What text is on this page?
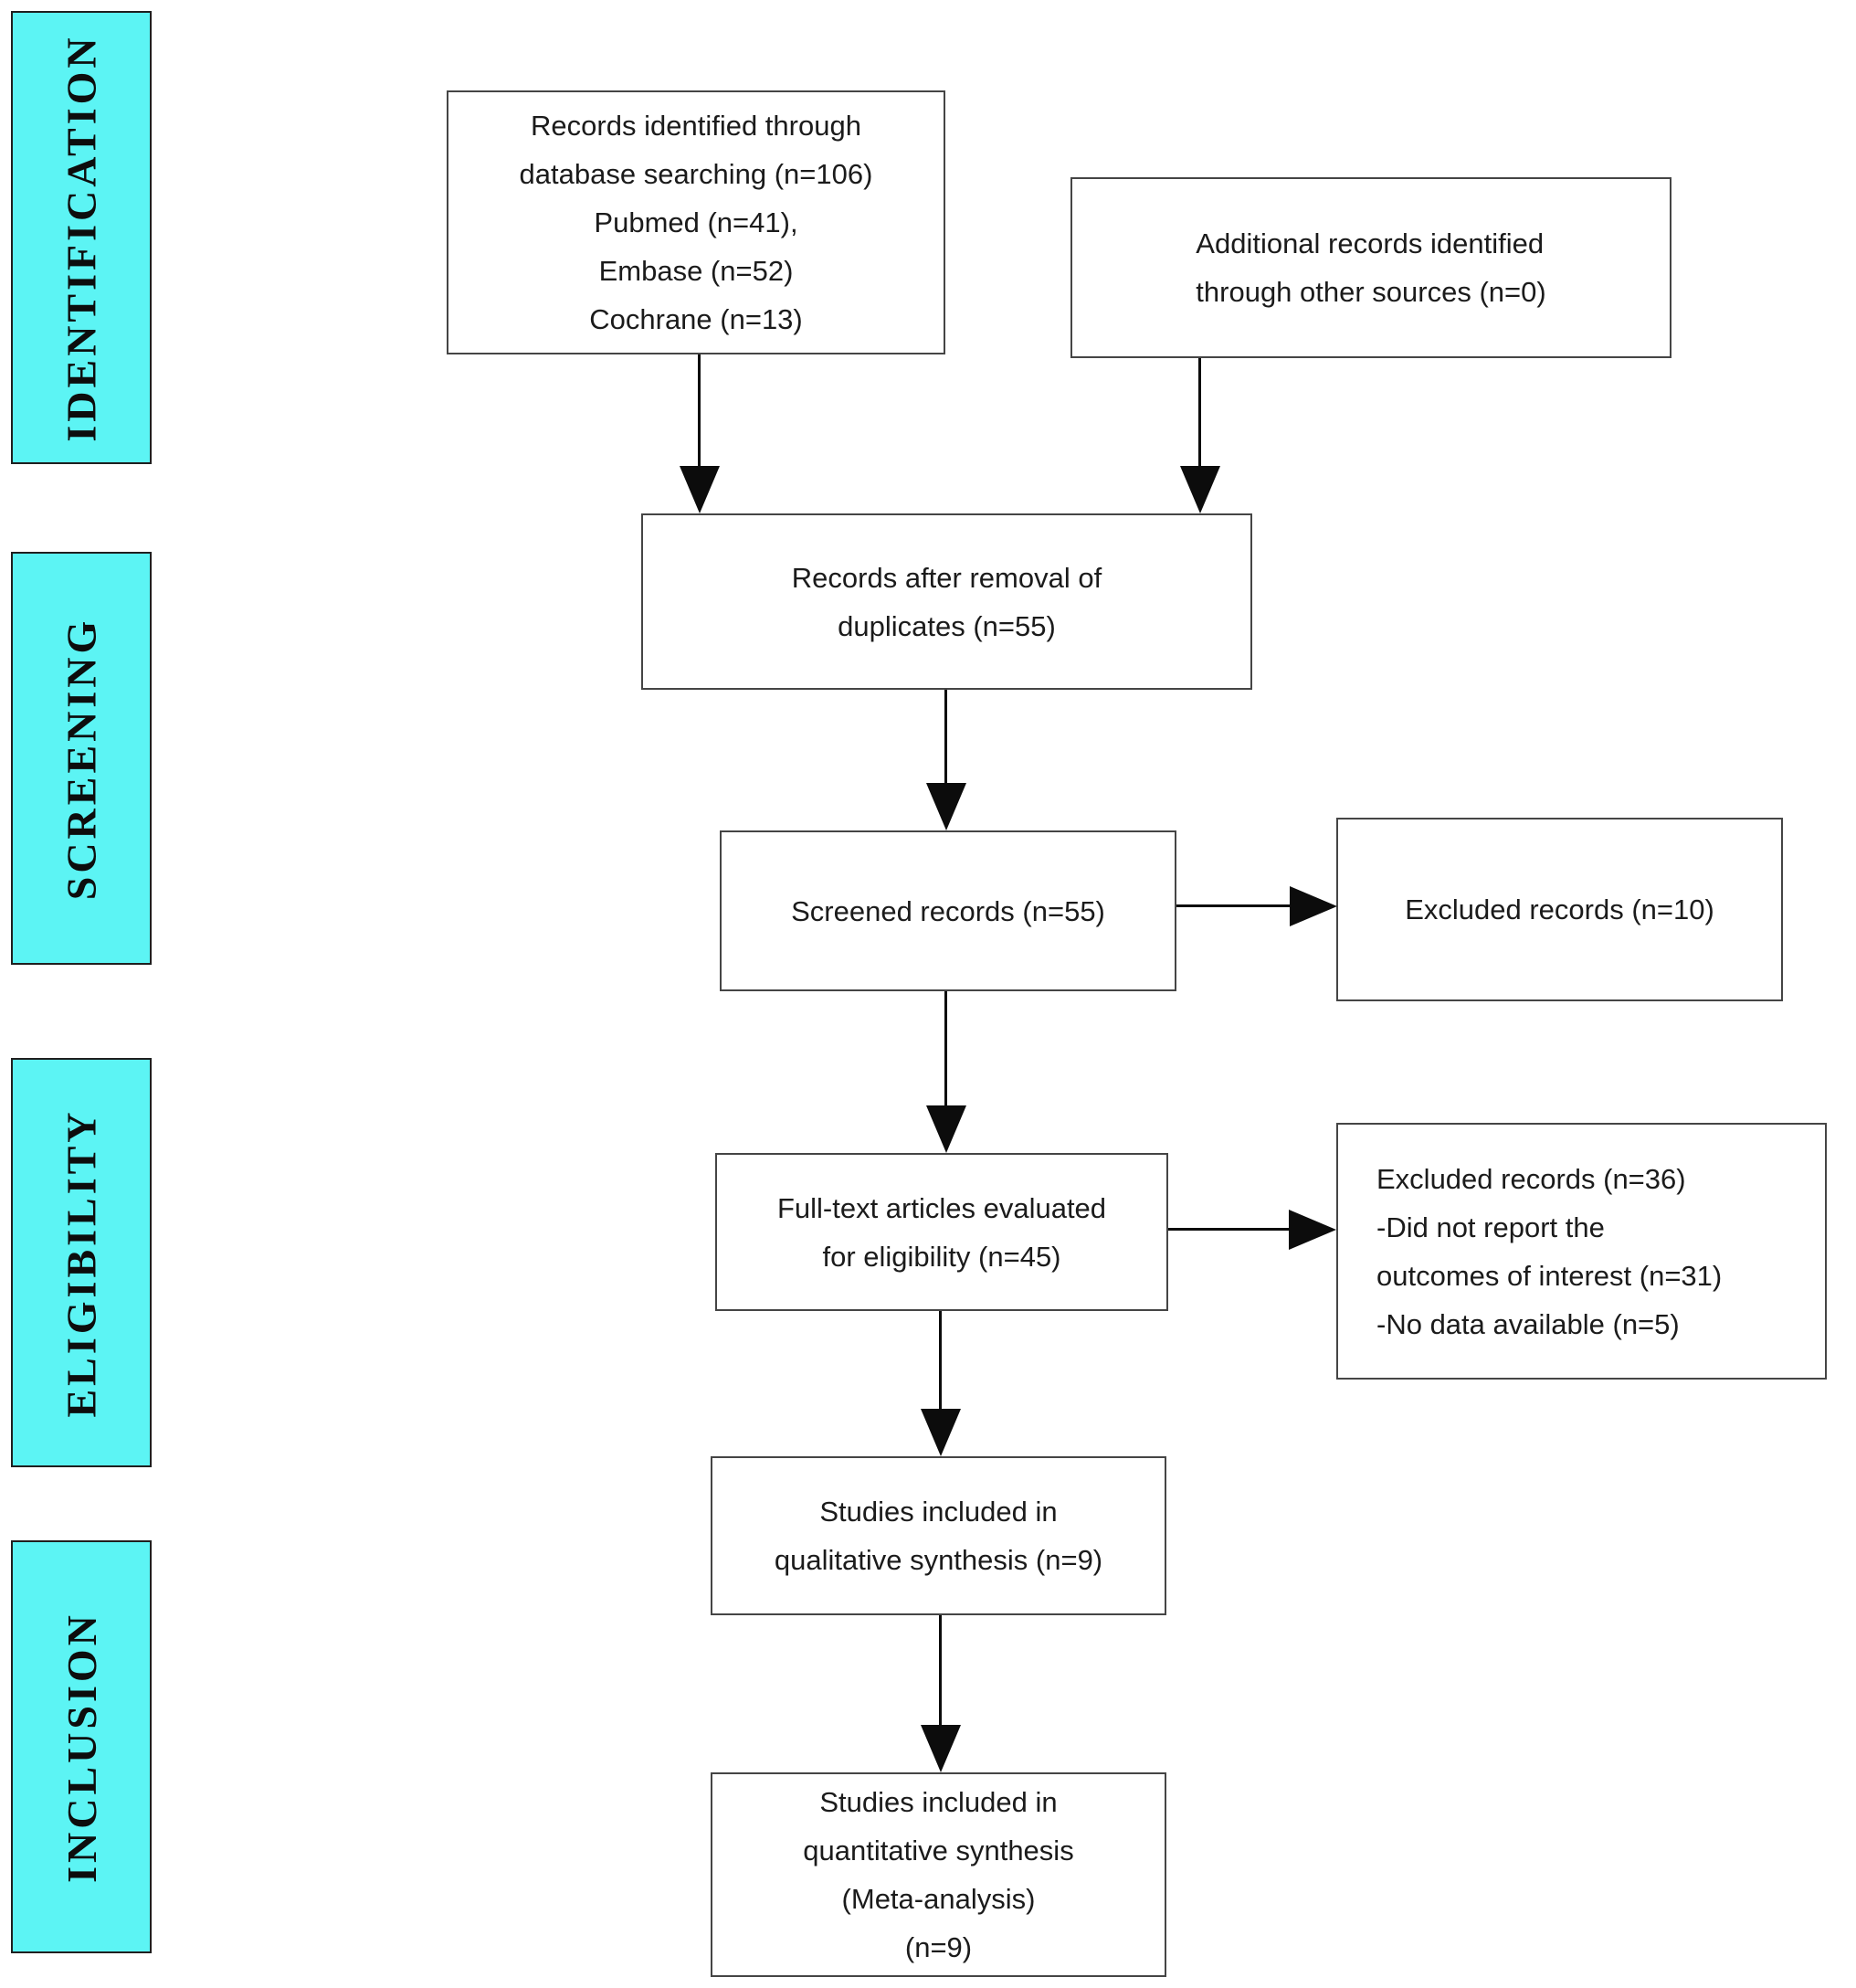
IDENTIFICATION
SCREENING
ELIGIBILITY
INCLUSION
Records identified through
database searching (n=106)
Pubmed (n=41),
Embase (n=52)
Cochrane (n=13)
Additional records identified
through other sources (n=0)
Records after removal of
duplicates (n=55)
Screened records (n=55)	Excluded records (n=10)
Full-text articles evaluated
for eligibility (n=45)
Excluded records (n=36)
-Did not report the
outcomes of interest (n=31)
-No data available (n=5)
Studies included in
qualitative synthesis (n=9)
Studies included in
quantitative synthesis
(Meta-analysis)
(n=9)
